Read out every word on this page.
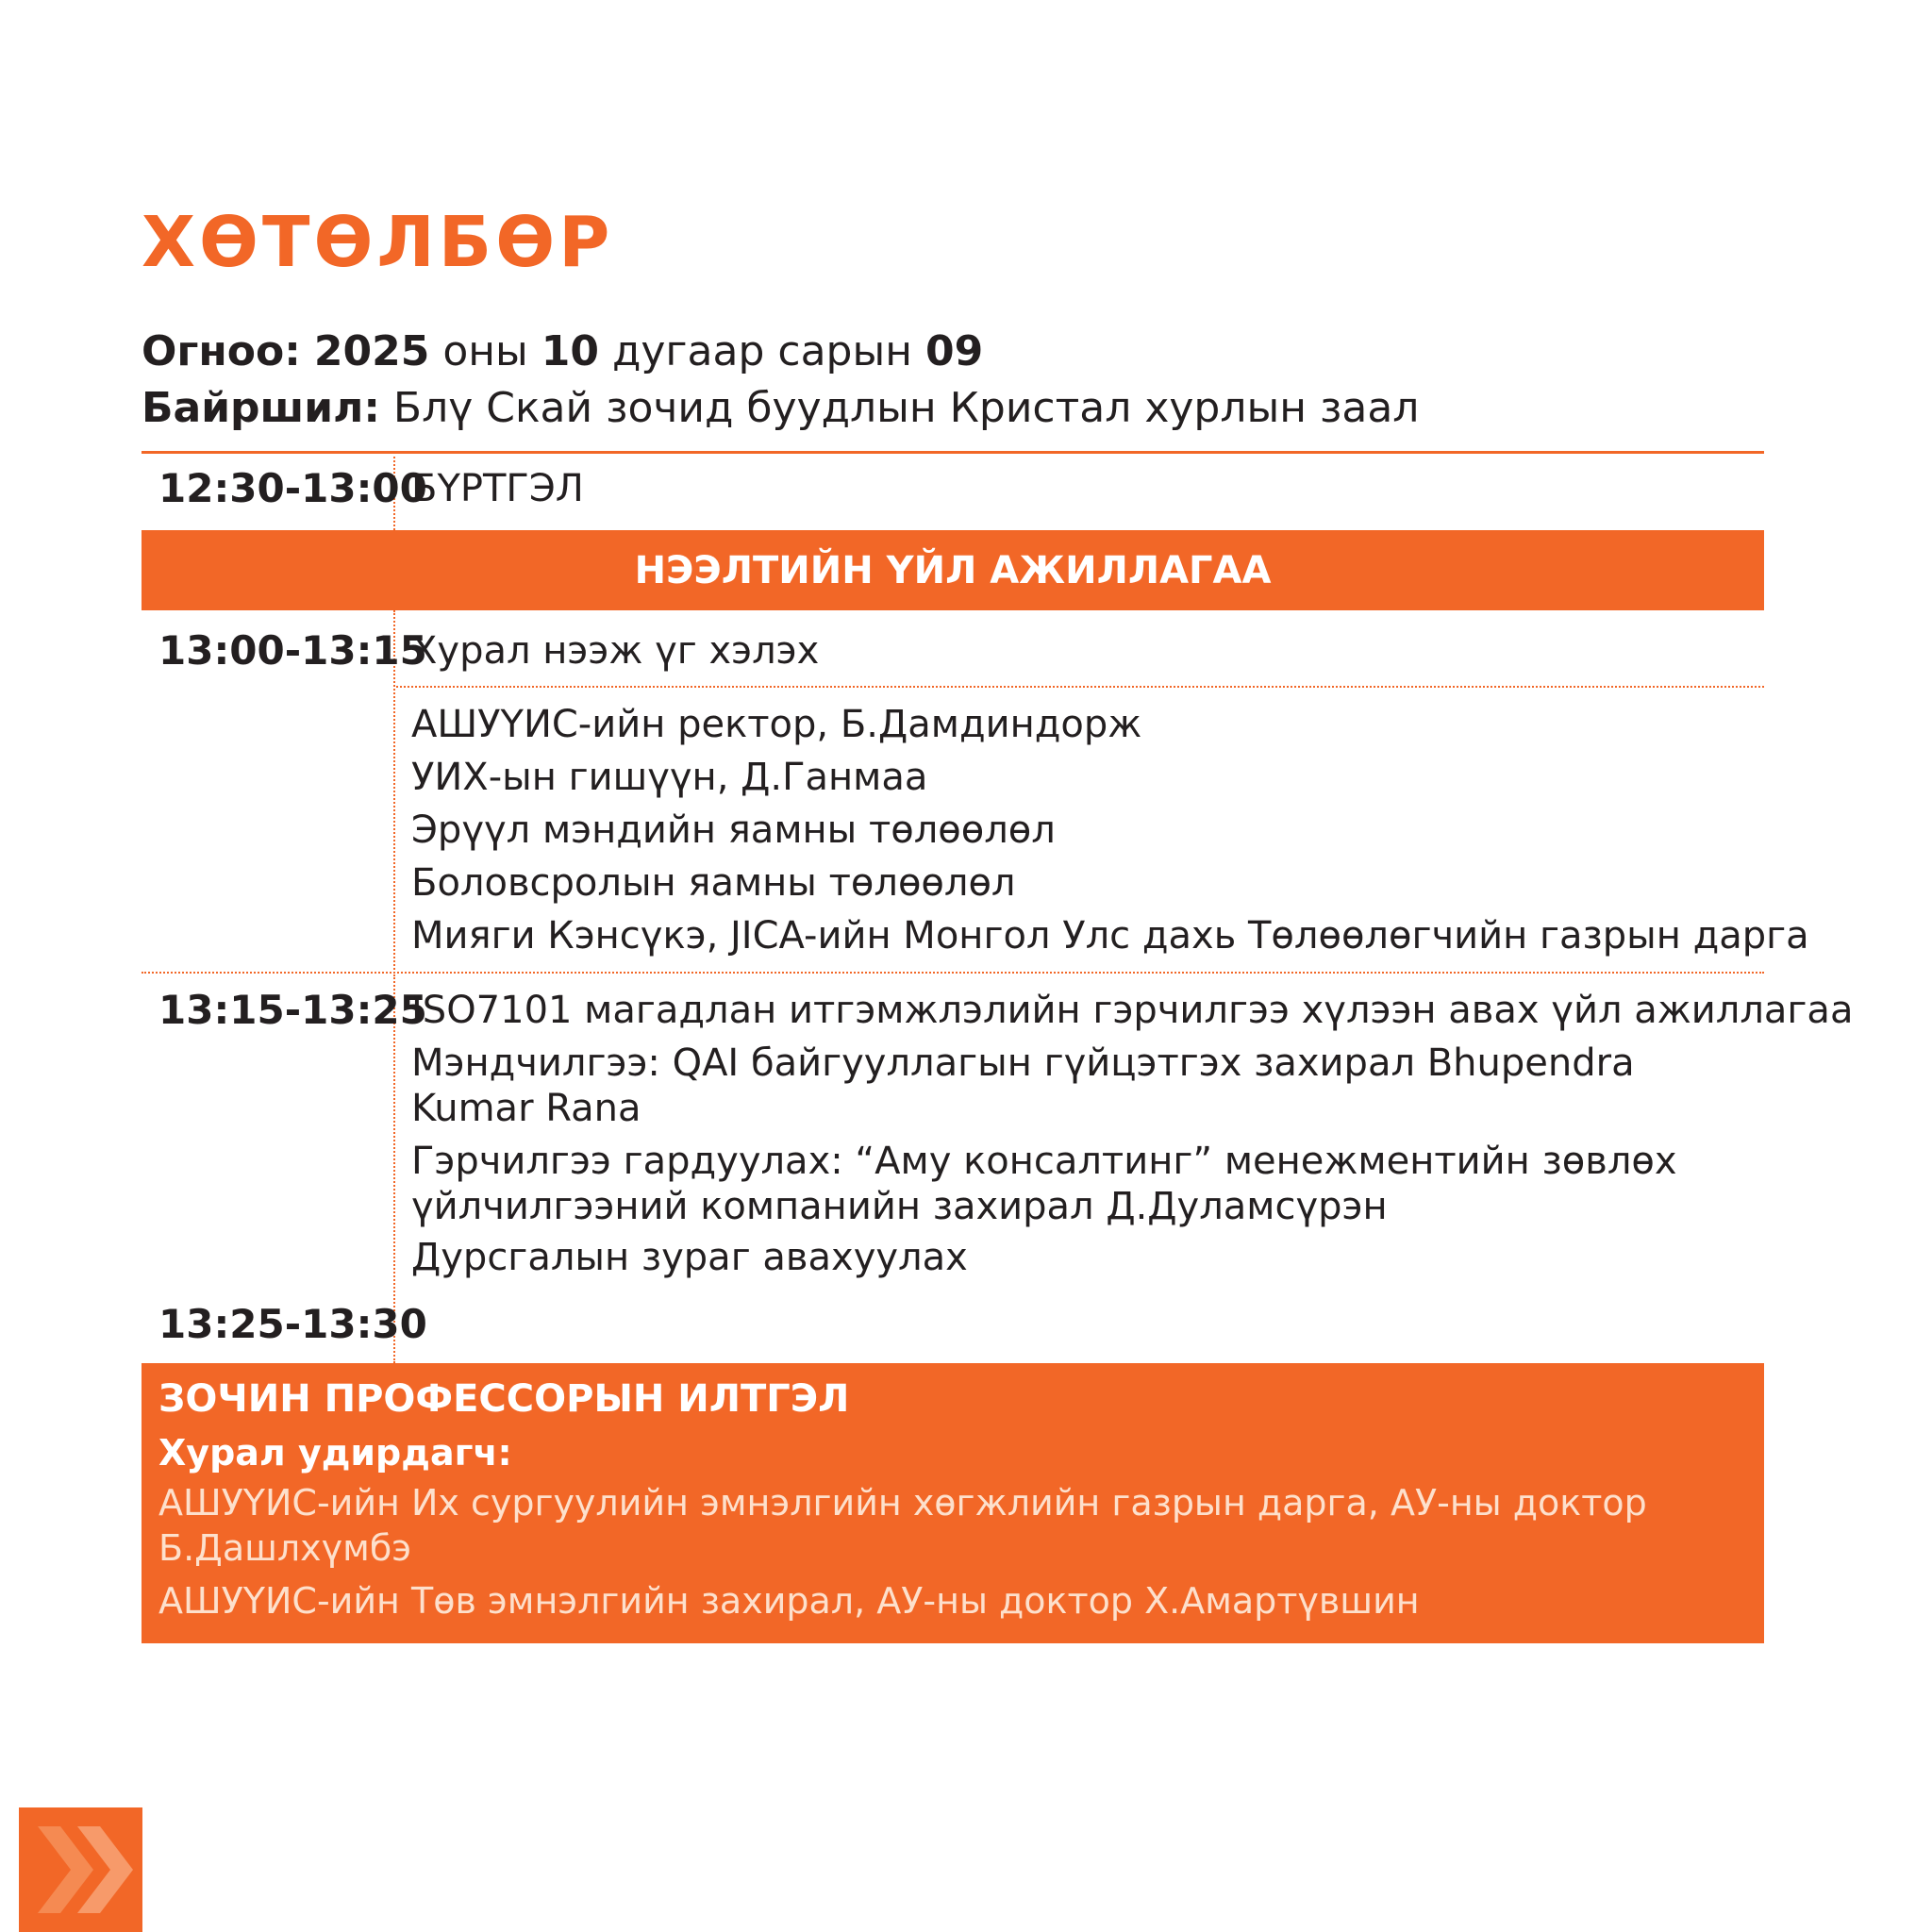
ХӨТӨЛБӨР
Огноо: 2025 оны 10 дугаар сарын 09
Байршил: Блү Скай зочид буудлын Кристал хурлын заал
12:30-13:00
БҮРТГЭЛ
НЭЭЛТИЙН ҮЙЛ АЖИЛЛАГАА
13:00-13:15
Хурал нээж үг хэлэх
АШУҮИС-ийн ректор, Б.Дамдиндорж
УИХ-ын гишүүн, Д.Ганмаа
Эрүүл мэндийн яамны төлөөлөл
Боловсролын яамны төлөөлөл
Мияги Кэнсүкэ, JICA-ийн Монгол Улс дахь Төлөөлөгчийн газрын дарга
13:15-13:25
ISO7101 магадлан итгэмжлэлийн гэрчилгээ хүлээн авах үйл ажиллагаа
Мэндчилгээ: QAI байгууллагын гүйцэтгэх захирал Bhupendra Kumar Rana
Гэрчилгээ гардуулах: “Аму консалтинг” менежментийн зөвлөх үйлчилгээний компанийн захирал Д.Дуламсүрэн
Дурсгалын зураг авахуулах
13:25-13:30
ЗОЧИН ПРОФЕССОРЫН ИЛТГЭЛ
Хурал удирдагч:
АШУҮИС-ийн Их сургуулийн эмнэлгийн хөгжлийн газрын дарга, АУ-ны доктор Б.Дашлхүмбэ
АШУҮИС-ийн Төв эмнэлгийн захирал, АУ-ны доктор Х.Амартүвшин
